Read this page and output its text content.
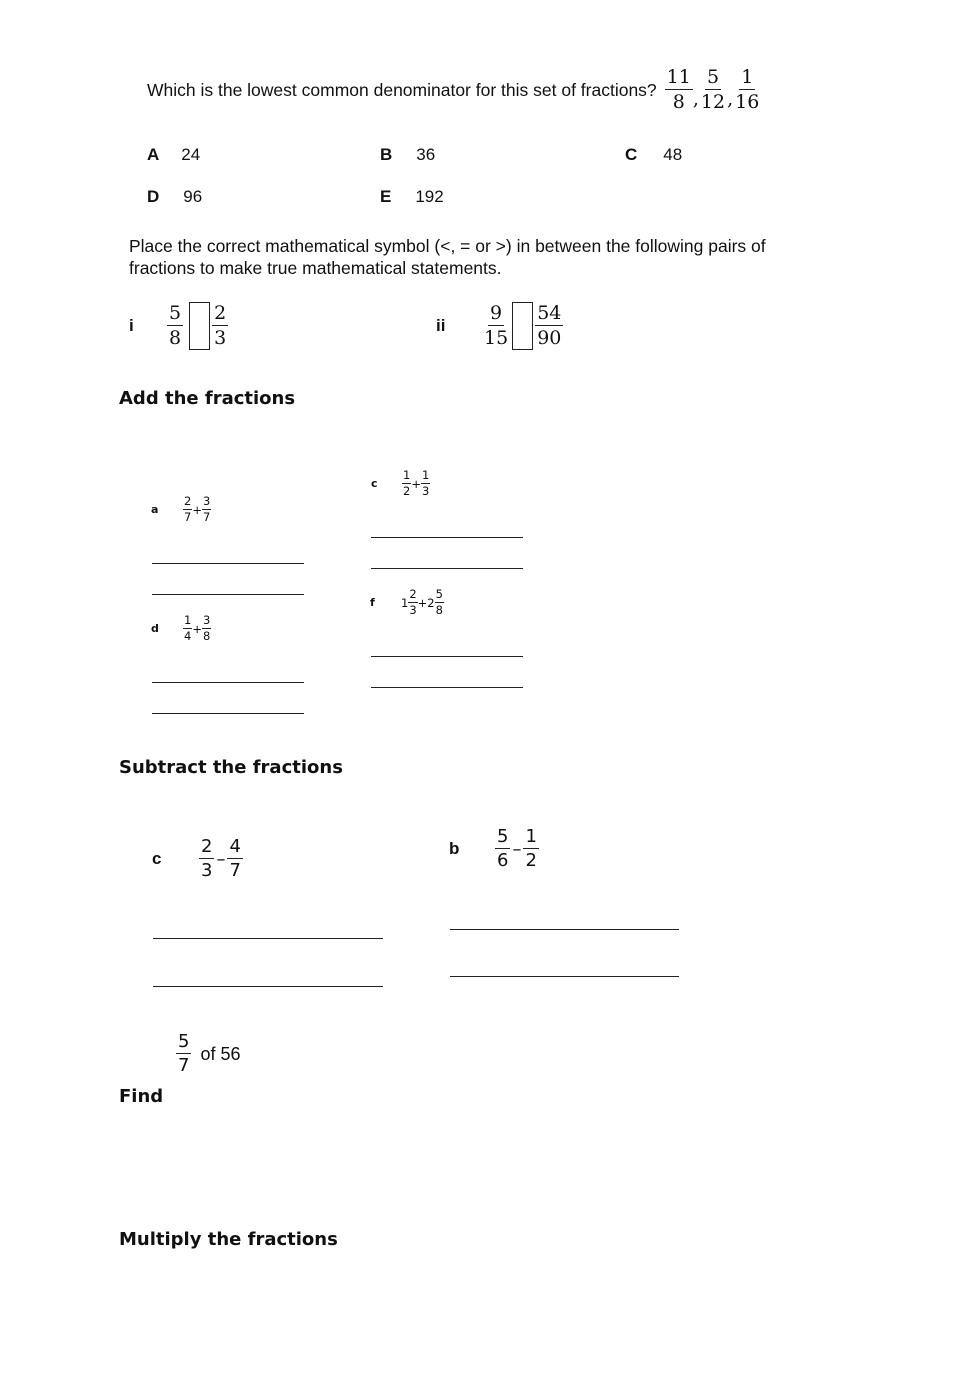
Which is the lowest common denominator for this set of fractions? $\frac{11}{8}$ , $\frac{5}{12}$ , $\frac{1}{16}$
A 24	B 36	C 48
D 96	E 192
Place the correct mathematical symbol (<, = or >) in between the following pairs of
fractions to make true mathematical statements.
i	$\frac{5}{8} \frac{2}{3}$	ii	$\frac{9}{15} \frac{54}{90}$
Add the fractions
a	$\frac{2}{7} + \frac{3}{7}$
c	$\frac{1}{2} + \frac{1}{3}$
d	$\frac{1}{4} + \frac{3}{8}$
f	$1 \frac{2}{3} + 2 \frac{5}{8}$
Subtract the fractions
c	$\frac{2}{3} - \frac{4}{7}$	b	$\frac{5}{6} - \frac{1}{2}$
$\frac{5}{7}$ of 56
Find
Multiply the fractions
